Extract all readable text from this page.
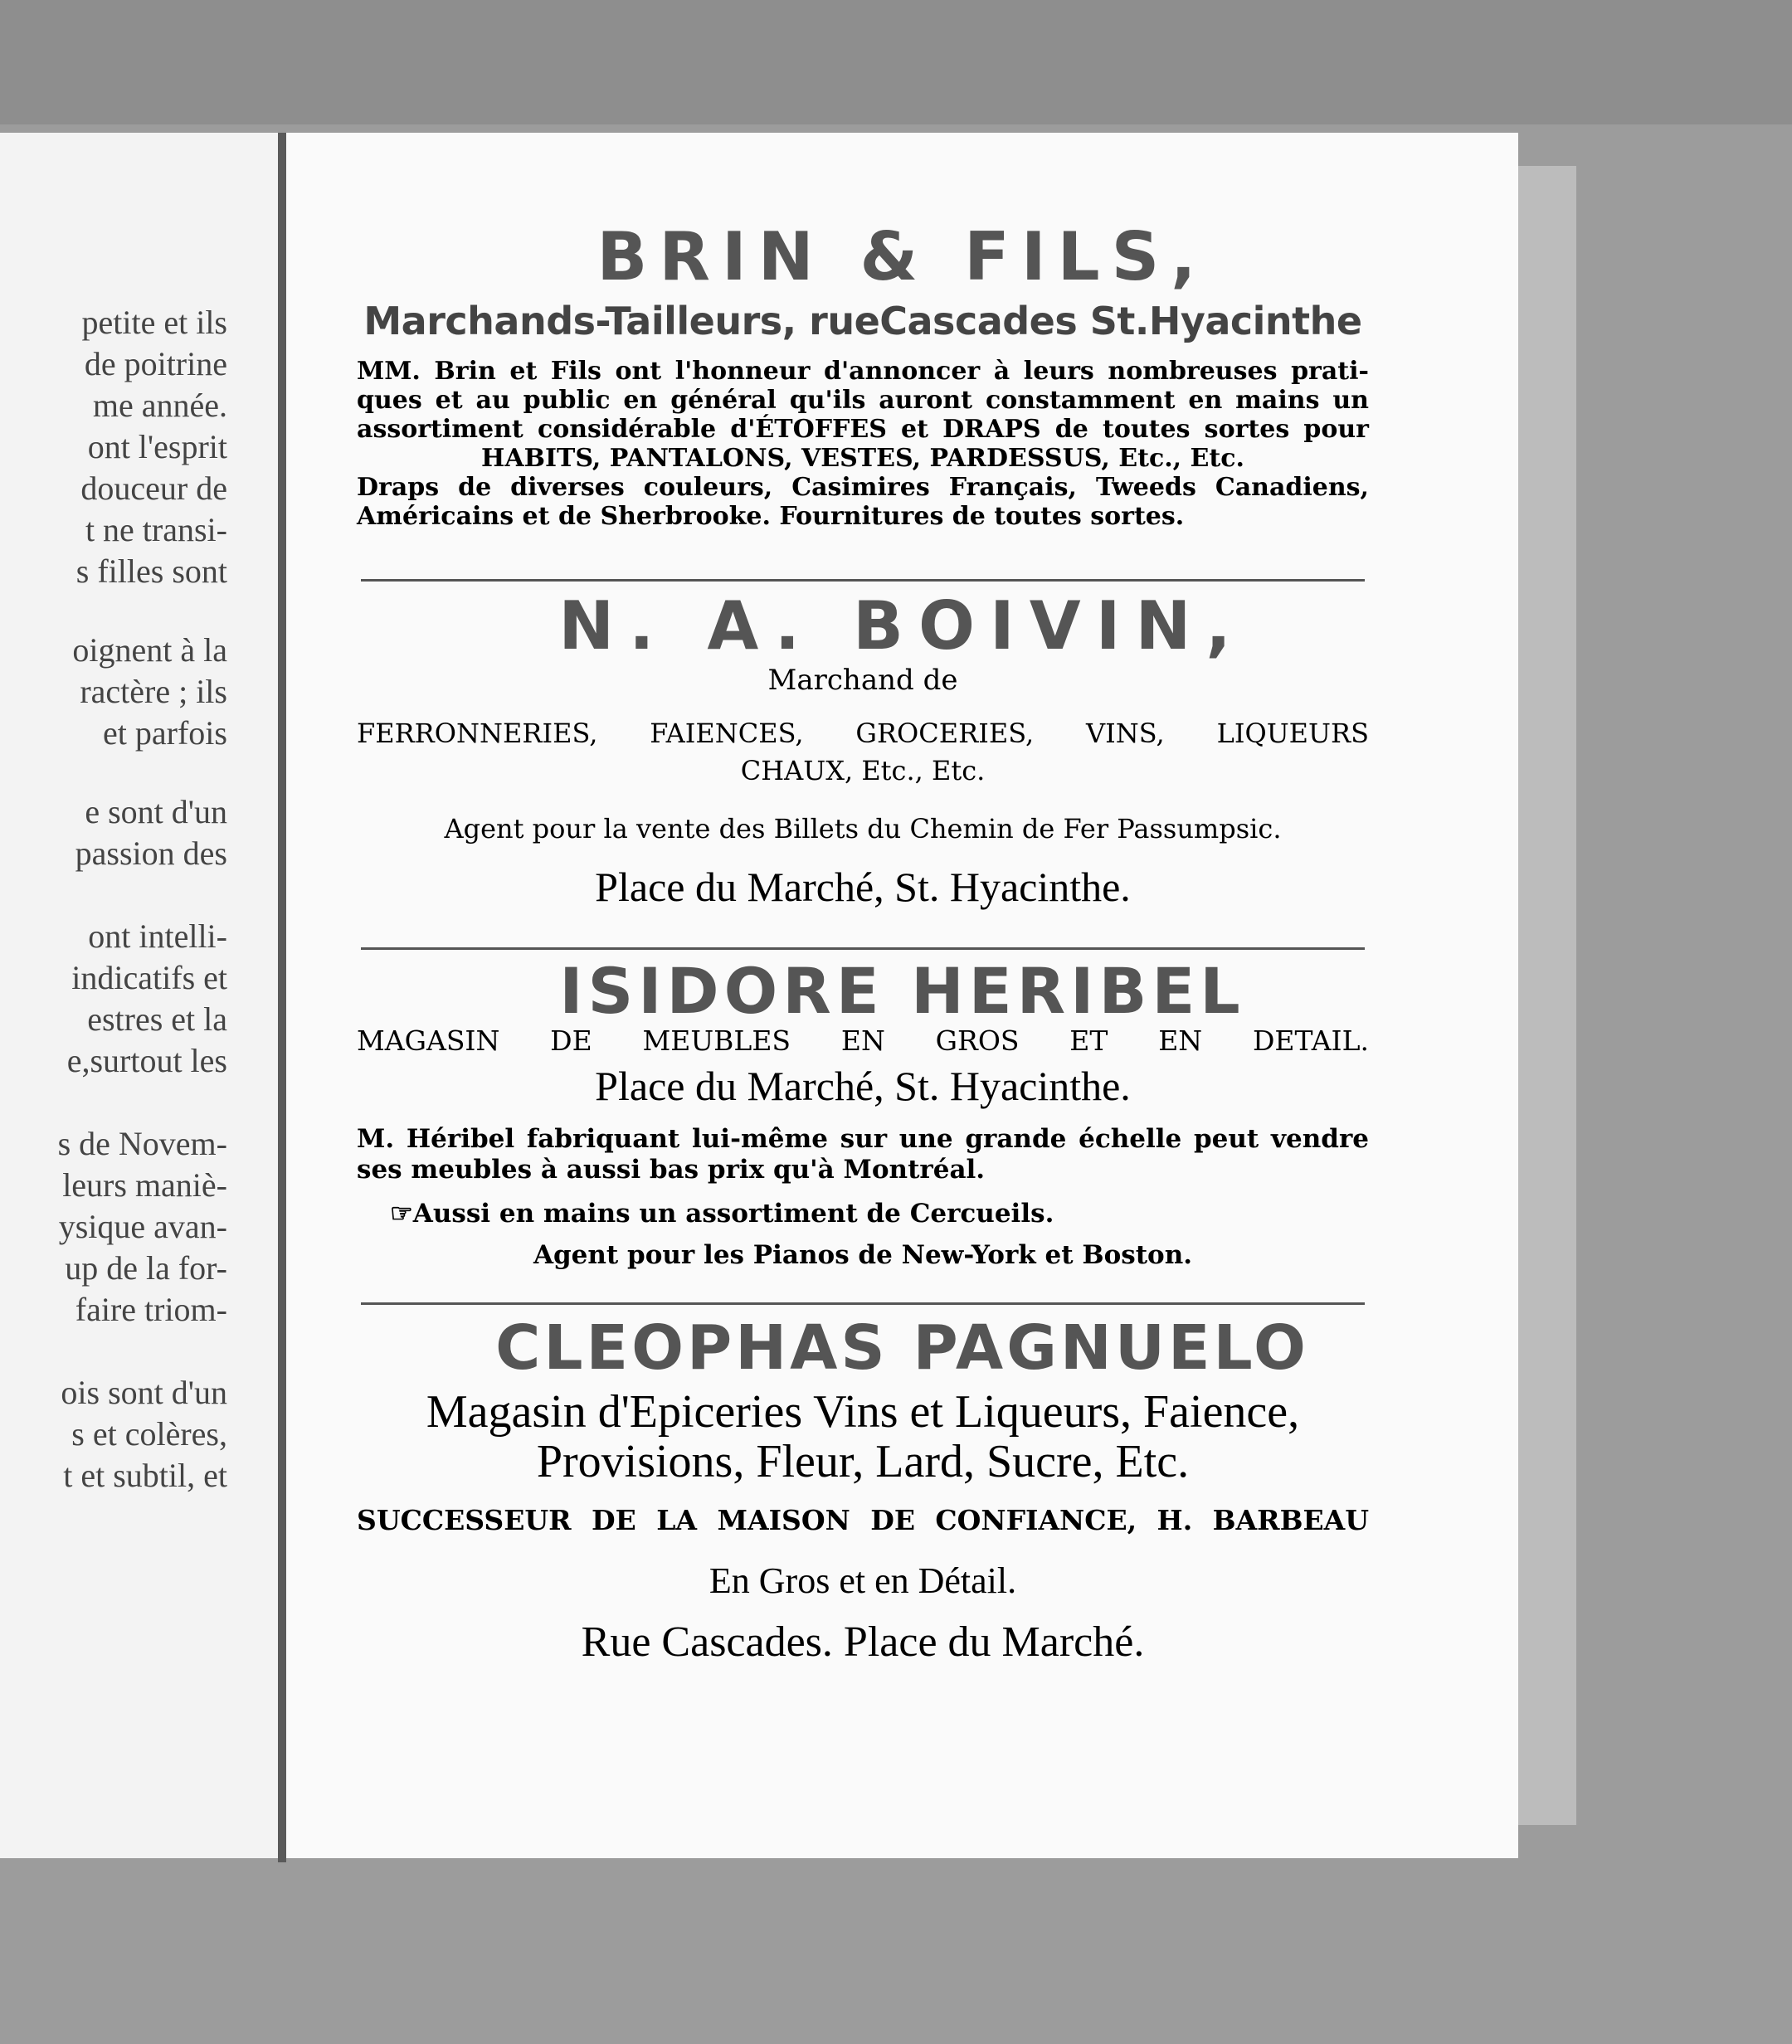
petite et ils
de poitrine
me année.
ont l'esprit
douceur de
t ne transi-
s filles sont
oignent à la
ractère ; ils
et parfois
e sont d'un
passion des
ont intelli-
indicatifs et
estres et la
e,surtout les
s de Novem-
leurs maniè-
ysique avan-
up de la for-
faire triom-
ois sont d'un
s et colères,
t et subtil, et

BRIN & FILS,

Marchands-Tailleurs, rueCascades St.Hyacinthe
MM. Brin et Fils ont l'honneur d'annoncer à leurs nombreuses prati-
ques et au public en général qu'ils auront constamment en mains un
assortiment considérable d'ÉTOFFES et DRAPS de toutes sortes pour
HABITS, PANTALONS, VESTES, PARDESSUS, Etc., Etc.
Draps de diverses couleurs, Casimires Français, Tweeds Canadiens,
Américains et de Sherbrooke. Fournitures de toutes sortes.

N. A. BOIVIN,

Marchand de
FERRONNERIES, FAIENCES, GROCERIES, VINS, LIQUEURS
CHAUX, Etc., Etc.
Agent pour la vente des Billets du Chemin de Fer Passumpsic.
Place du Marché, St. Hyacinthe.

ISIDORE HERIBEL

MAGASIN DE MEUBLES EN GROS ET EN DETAIL.
Place du Marché, St. Hyacinthe.
M. Héribel fabriquant lui-même sur une grande échelle peut vendre
ses meubles à aussi bas prix qu'à Montréal.
☞Aussi en mains un assortiment de Cercueils.
Agent pour les Pianos de New-York et Boston.

CLEOPHAS PAGNUELO

Magasin d'Epiceries Vins et Liqueurs, Faience,
Provisions, Fleur, Lard, Sucre, Etc.
SUCCESSEUR DE LA MAISON DE CONFIANCE, H. BARBEAU
En Gros et en Détail.
Rue Cascades. Place du Marché.
